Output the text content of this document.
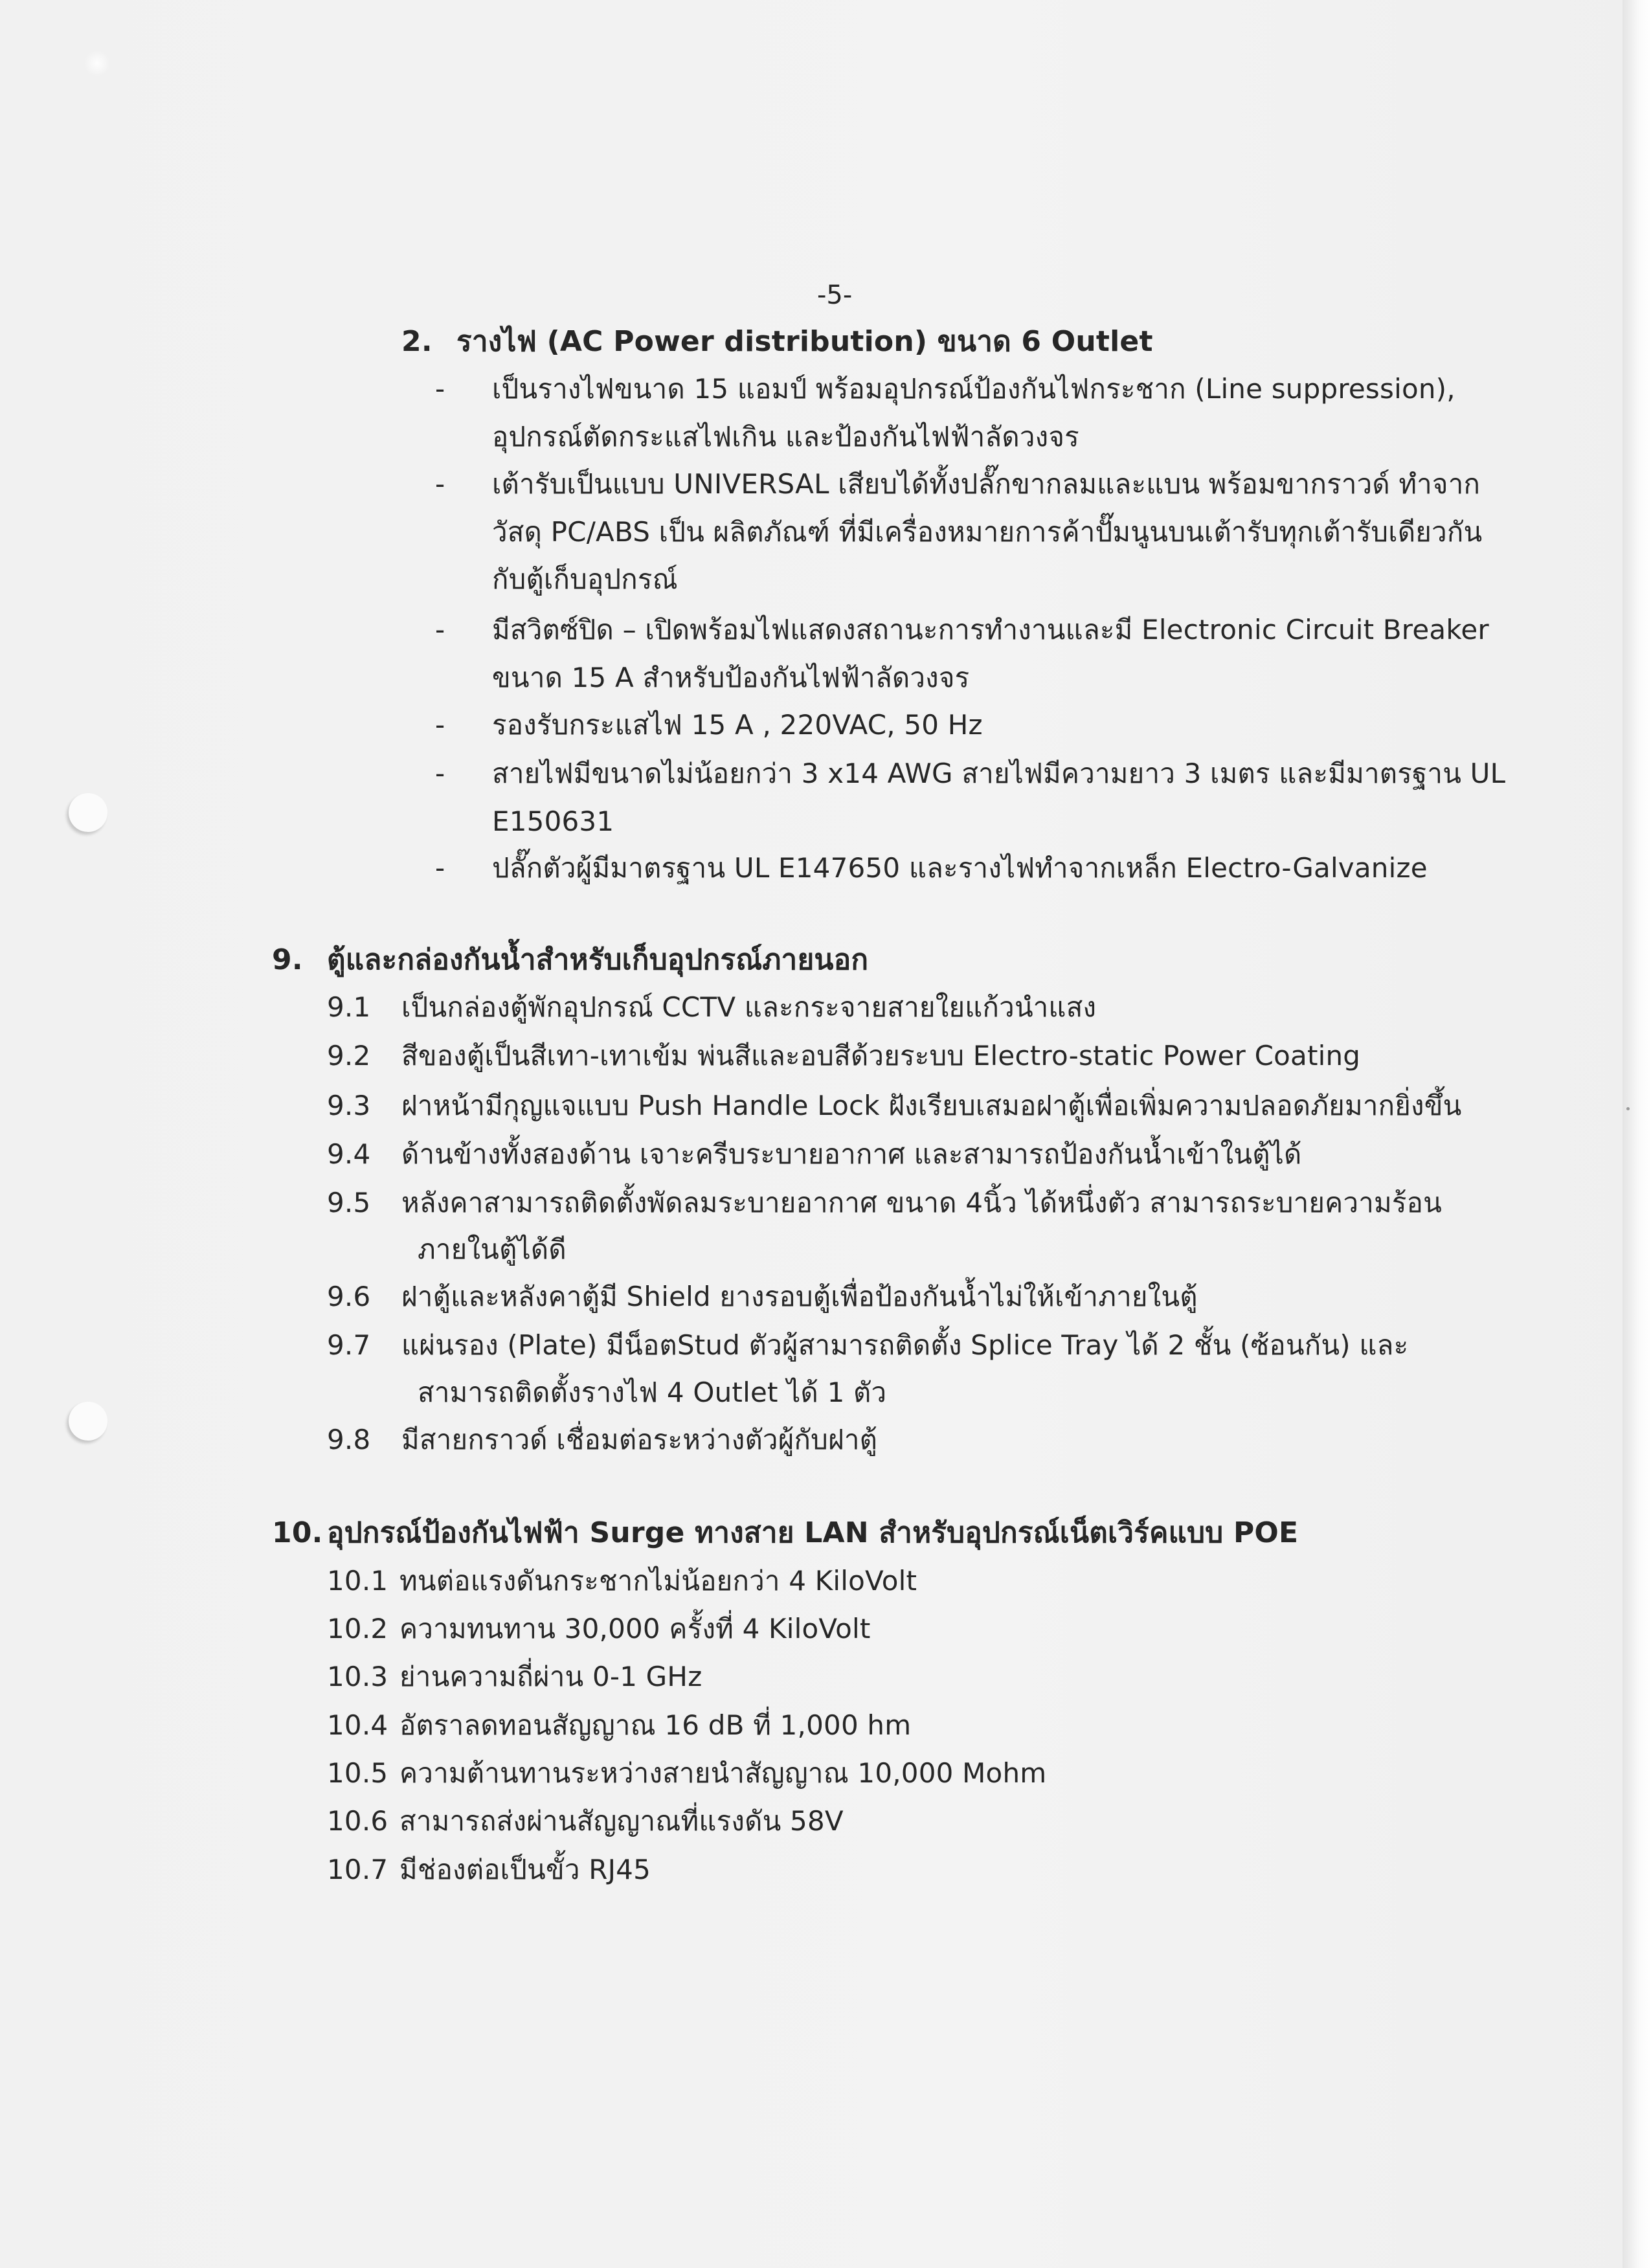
-5-
2. รางไฟ (AC Power distribution) ขนาด 6 Outlet
- เป็นรางไฟขนาด 15 แอมป์ พร้อมอุปกรณ์ป้องกันไฟกระชาก (Line suppression),
อุปกรณ์ตัดกระแสไฟเกิน และป้องกันไฟฟ้าลัดวงจร
- เต้ารับเป็นแบบ UNIVERSAL เสียบได้ทั้งปลั๊กขากลมและแบน พร้อมขากราวด์ ทำจาก
วัสดุ PC/ABS เป็น ผลิตภัณฑ์ ที่มีเครื่องหมายการค้าปั๊มนูนบนเต้ารับทุกเต้ารับเดียวกัน
กับตู้เก็บอุปกรณ์
- มีสวิตซ์ปิด – เปิดพร้อมไฟแสดงสถานะการทำงานและมี Electronic Circuit Breaker
ขนาด 15 A สำหรับป้องกันไฟฟ้าลัดวงจร
- รองรับกระแสไฟ 15 A , 220VAC, 50 Hz
- สายไฟมีขนาดไม่น้อยกว่า 3 x14 AWG สายไฟมีความยาว 3 เมตร และมีมาตรฐาน UL
E150631
- ปลั๊กตัวผู้มีมาตรฐาน UL E147650 และรางไฟทำจากเหล็ก Electro-Galvanize
9. ตู้และกล่องกันน้ำสำหรับเก็บอุปกรณ์ภายนอก
9.1 เป็นกล่องตู้พักอุปกรณ์ CCTV และกระจายสายใยแก้วนำแสง
9.2 สีของตู้เป็นสีเทา-เทาเข้ม พ่นสีและอบสีด้วยระบบ Electro-static Power Coating
9.3 ฝาหน้ามีกุญแจแบบ Push Handle Lock ฝังเรียบเสมอฝาตู้เพื่อเพิ่มความปลอดภัยมากยิ่งขึ้น
9.4 ด้านข้างทั้งสองด้าน เจาะครีบระบายอากาศ และสามารถป้องกันน้ำเข้าในตู้ได้
9.5 หลังคาสามารถติดตั้งพัดลมระบายอากาศ ขนาด 4นิ้ว ได้หนึ่งตัว สามารถระบายความร้อน
ภายในตู้ได้ดี
9.6 ฝาตู้และหลังคาตู้มี Shield ยางรอบตู้เพื่อป้องกันน้ำไม่ให้เข้าภายในตู้
9.7 แผ่นรอง (Plate) มีน็อตStud ตัวผู้สามารถติดตั้ง Splice Tray ได้ 2 ชั้น (ซ้อนกัน) และ
สามารถติดตั้งรางไฟ 4 Outlet ได้ 1 ตัว
9.8 มีสายกราวด์ เชื่อมต่อระหว่างตัวผู้กับฝาตู้
10. อุปกรณ์ป้องกันไฟฟ้า Surge ทางสาย LAN สำหรับอุปกรณ์เน็ตเวิร์คแบบ POE
10.1 ทนต่อแรงดันกระชากไม่น้อยกว่า 4 KiloVolt
10.2 ความทนทาน 30,000 ครั้งที่ 4 KiloVolt
10.3 ย่านความถี่ผ่าน 0-1 GHz
10.4 อัตราลดทอนสัญญาณ 16 dB ที่ 1,000 hm
10.5 ความต้านทานระหว่างสายนำสัญญาณ 10,000 Mohm
10.6 สามารถส่งผ่านสัญญาณที่แรงดัน 58V
10.7 มีช่องต่อเป็นขั้ว RJ45
